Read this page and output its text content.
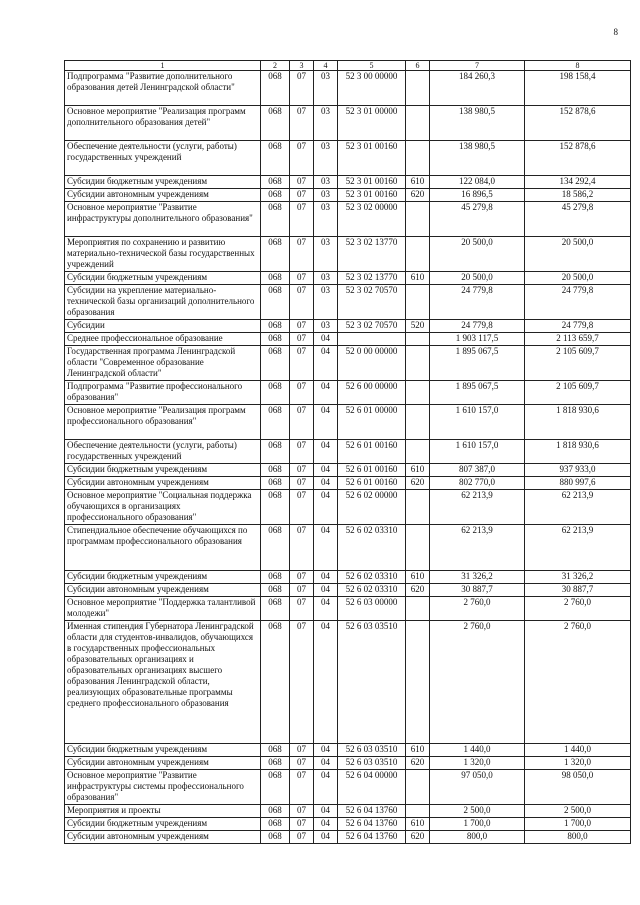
8
1	2	3	4	5	6	7	8
Подпрограмма "Развитие дополнительного образования детей Ленинградской области"	068	07	03	52 3 00 00000		184 260,3	198 158,4
Основное мероприятие "Реализация программ дополнительного образования детей"	068	07	03	52 3 01 00000		138 980,5	152 878,6
Обеспечение деятельности (услуги, работы) государственных учреждений	068	07	03	52 3 01 00160		138 980,5	152 878,6
Субсидии бюджетным учреждениям	068	07	03	52 3 01 00160	610	122 084,0	134 292,4
Субсидии автономным учреждениям	068	07	03	52 3 01 00160	620	16 896,5	18 586,2
Основное мероприятие "Развитие инфраструктуры дополнительного образования"	068	07	03	52 3 02 00000		45 279,8	45 279,8
Мероприятия по сохранению и развитию материально-технической базы государственных учреждений	068	07	03	52 3 02 13770		20 500,0	20 500,0
Субсидии бюджетным учреждениям	068	07	03	52 3 02 13770	610	20 500,0	20 500,0
Субсидии на укрепление материально-технической базы организаций дополнительного образования	068	07	03	52 3 02 70570		24 779,8	24 779,8
Субсидии	068	07	03	52 3 02 70570	520	24 779,8	24 779,8
Среднее профессиональное образование	068	07	04			1 903 117,5	2 113 659,7
Государственная программа Ленинградской области "Современное образование Ленинградской области"	068	07	04	52 0 00 00000		1 895 067,5	2 105 609,7
Подпрограмма "Развитие профессионального образования"	068	07	04	52 6 00 00000		1 895 067,5	2 105 609,7
Основное мероприятие "Реализация программ профессионального образования"	068	07	04	52 6 01 00000		1 610 157,0	1 818 930,6
Обеспечение деятельности (услуги, работы) государственных учреждений	068	07	04	52 6 01 00160		1 610 157,0	1 818 930,6
Субсидии бюджетным учреждениям	068	07	04	52 6 01 00160	610	807 387,0	937 933,0
Субсидии автономным учреждениям	068	07	04	52 6 01 00160	620	802 770,0	880 997,6
Основное мероприятие "Социальная поддержка обучающихся в организациях профессионального образования"	068	07	04	52 6 02 00000		62 213,9	62 213,9
Стипендиальное обеспечение обучающихся по программам профессионального образования	068	07	04	52 6 02 03310		62 213,9	62 213,9
Субсидии бюджетным учреждениям	068	07	04	52 6 02 03310	610	31 326,2	31 326,2
Субсидии автономным учреждениям	068	07	04	52 6 02 03310	620	30 887,7	30 887,7
Основное мероприятие "Поддержка талантливой молодежи"	068	07	04	52 6 03 00000		2 760,0	2 760,0
Именная стипендия Губернатора Ленинградской области для студентов-инвалидов, обучающихся в государственных профессиональных образовательных организациях и образовательных организациях высшего образования Ленинградской области, реализующих образовательные программы среднего профессионального образования	068	07	04	52 6 03 03510		2 760,0	2 760,0
Субсидии бюджетным учреждениям	068	07	04	52 6 03 03510	610	1 440,0	1 440,0
Субсидии автономным учреждениям	068	07	04	52 6 03 03510	620	1 320,0	1 320,0
Основное мероприятие "Развитие инфраструктуры системы профессионального образования"	068	07	04	52 6 04 00000		97 050,0	98 050,0
Мероприятия и проекты	068	07	04	52 6 04 13760		2 500,0	2 500,0
Субсидии бюджетным учреждениям	068	07	04	52 6 04 13760	610	1 700,0	1 700,0
Субсидии автономным учреждениям	068	07	04	52 6 04 13760	620	800,0	800,0
